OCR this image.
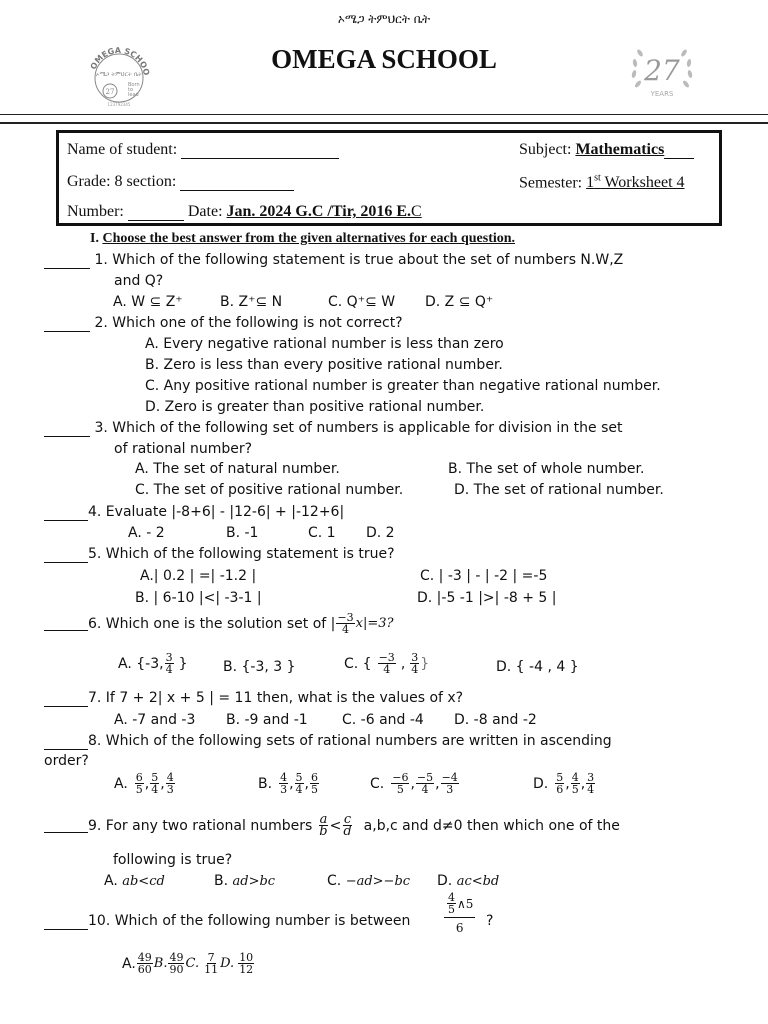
ኦሜጋ ትምህርት ቤት
OMEGA SCHOOL
OMEGA SCHOO
ኦሜጋ ትምህርት ቤት
27
Born
to
lead
123792345
27
YEARS
Name of student:	Subject: Mathematics
Grade: 8 section:	Semester: 1st Worksheet 4
Number:	Date: Jan. 2024 G.C /Tir, 2016 E.C
I. Choose the best answer from the given alternatives for each question.
1. Which of the following statement is true about the set of numbers N.W,Z
and Q?
A. W ⊆ Z⁺	B. Z⁺⊆ N	C. Q⁺⊆ W D. Z ⊆ Q⁺
2. Which one of the following is not correct?
A. Every negative rational number is less than zero
B. Zero is less than every positive rational number.
C. Any positive rational number is greater than negative rational number.
D. Zero is greater than positive rational number.
3. Which of the following set of numbers is applicable for division in the set
of rational number?
A. The set of natural number.	B. The set of whole number.
C. The set of positive rational number.	D. The set of rational number.
4. Evaluate |-8+6| - |12-6| + |-12+6|
A. - 2	B. -1	C. 1 D. 2
5. Which of the following statement is true?
A.| 0.2 | =| -1.2 |	C. | -3 | - | -2 | =-5
B. | 6-10 |<| -3-1 |	D. |-5 -1 |>| -8 + 5 |
6. Which one is the solution set of | $\frac{-3}{4} x|=3$?
A. {-3, $\frac{3}{4}$ }	B. {-3, 3 }	C. { $\frac{-3}{4}$ , $\frac{3}{4}$ }	D. { -4 , 4 }
7. If 7 + 2| x + 5 | = 11 then, what is the values of x?
A. -7 and -3 B. -9 and -1 C. -6 and -4 D. -8 and -2
8. Which of the following sets of rational numbers are written in ascending
order?
A. $\frac{6}{5}$ , $\frac{5}{4}$ , $\frac{4}{3}$	B. $\frac{4}{3}$ , $\frac{5}{4}$ , $\frac{6}{5}$	C. $\frac{-6}{5}$ , $\frac{-5}{4}$ , $\frac{-4}{3}$	D. $\frac{5}{6}$ , $\frac{4}{5}$ , $\frac{3}{4}$
9. For any two rational numbers $\frac{a}{b} < \frac{c}{d} a,b,c$ and d≠0 then which one of the
following is true?
A. ab<cd	B. ad>bc	C. −ad>−bc D. ac<bd
10. Which of the following number is between
$\frac{4}{5}$ ∧5
6 ?
A. $\frac{49}{60} B$. $\frac{49}{90} C$. $\frac{7}{11} D$. $\frac{10}{12}$
